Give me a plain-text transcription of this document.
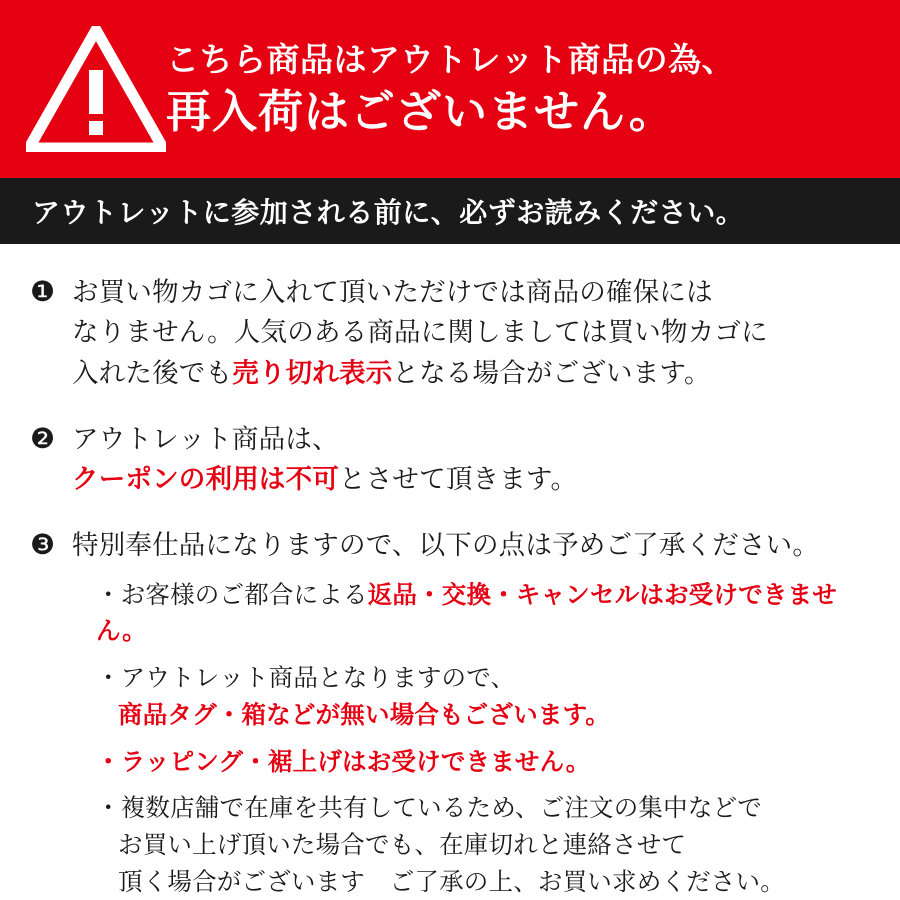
こちら商品はアウトレット商品の為、
再入荷はございません。
アウトレットに参加される前に、必ずお読みください。
❶ お買い物カゴに入れて頂いただけでは商品の確保には
なりません。人気のある商品に関しましては買い物カゴに
入れた後でも売り切れ表示となる場合がございます。
❷ アウトレット商品は、
クーポンの利用は不可とさせて頂きます。
❸ 特別奉仕品になりますので、以下の点は予めご了承ください。
・お客様のご都合による返品・交換・キャンセルはお受けできません。
・アウトレット商品となりますので、
商品タグ・箱などが無い場合もございます。
・ラッピング・裾上げはお受けできません。
・複数店舗で在庫を共有しているため、ご注文の集中などで
お買い上げ頂いた場合でも、在庫切れと連絡させて
頂く場合がございます　ご了承の上、お買い求めください。
